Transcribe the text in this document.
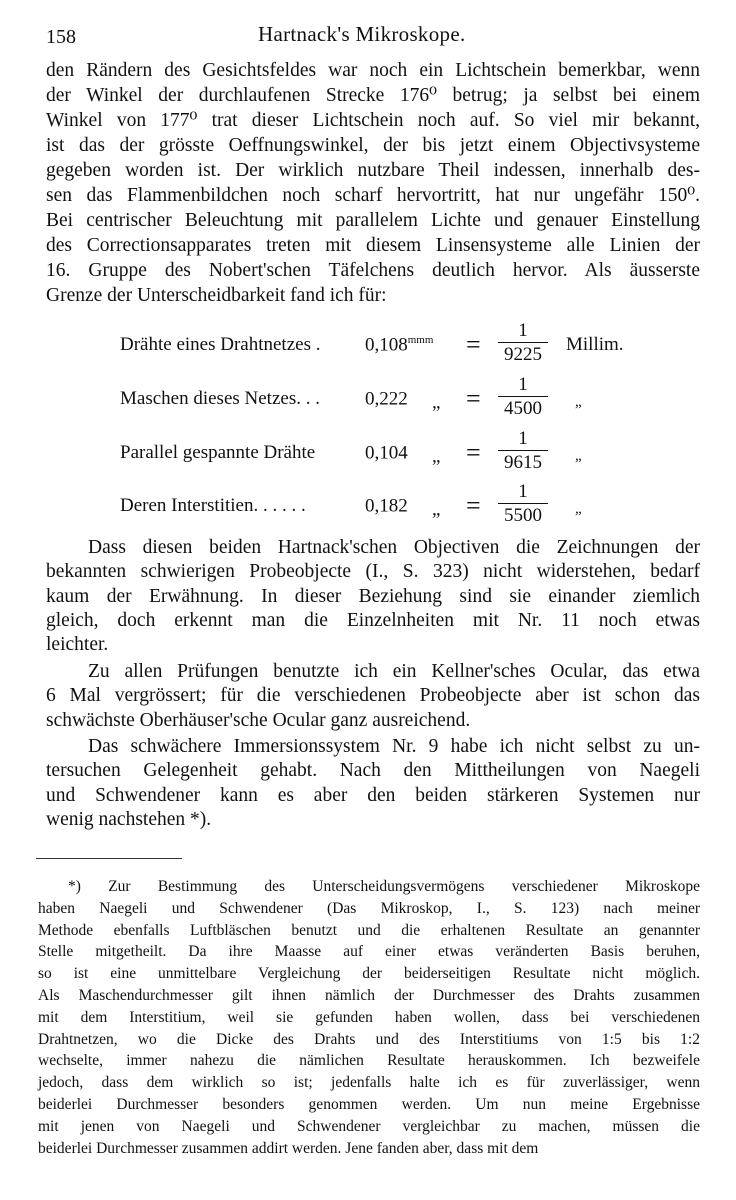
158	Hartnack's Mikroskope.
den Rändern des Gesichtsfeldes war noch ein Lichtschein bemerkbar, wenn
der Winkel der durchlaufenen Strecke 176⁰ betrug; ja selbst bei einem
Winkel von 177⁰ trat dieser Lichtschein noch auf. So viel mir bekannt,
ist das der grösste Oeffnungswinkel, der bis jetzt einem Objectivsysteme
gegeben worden ist. Der wirklich nutzbare Theil indessen, innerhalb des-
sen das Flammenbildchen noch scharf hervortritt, hat nur ungefähr 150⁰.
Bei centrischer Beleuchtung mit parallelem Lichte und genauer Einstellung
des Correctionsapparates treten mit diesem Linsensysteme alle Linien der
16. Gruppe des Nobert'schen Täfelchens deutlich hervor. Als äusserste
Grenze der Unterscheidbarkeit fand ich für:
Drähte eines Drahtnetzes . $0,108^{mmm} = \frac{1}{9225} Millim$.
Maschen dieses Netzes. . . 0,222 „ = $\frac{1}{4500}$ „
Parallel gespannte Drähte	0,104 „ = $\frac{1}{9615}$ „
Deren Interstitien. . . . . .	0,182 „ = $\frac{1}{5500}$ „
Dass diesen beiden Hartnack'schen Objectiven die Zeichnungen der
bekannten schwierigen Probeobjecte (I., S. 323) nicht widerstehen, bedarf
kaum der Erwähnung. In dieser Beziehung sind sie einander ziemlich
gleich, doch erkennt man die Einzelnheiten mit Nr. 11 noch etwas
leichter.
Zu allen Prüfungen benutzte ich ein Kellner'sches Ocular, das etwa
6 Mal vergrössert; für die verschiedenen Probeobjecte aber ist schon das
schwächste Oberhäuser'sche Ocular ganz ausreichend.
Das schwächere Immersionssystem Nr. 9 habe ich nicht selbst zu un-
tersuchen Gelegenheit gehabt. Nach den Mittheilungen von Naegeli
und Schwendener kann es aber den beiden stärkeren Systemen nur
wenig nachstehen *).
*) Zur Bestimmung des Unterscheidungsvermögens verschiedener Mikroskope
haben Naegeli und Schwendener (Das Mikroskop, I., S. 123) nach meiner
Methode ebenfalls Luftbläschen benutzt und die erhaltenen Resultate an genannter
Stelle mitgetheilt. Da ihre Maasse auf einer etwas veränderten Basis beruhen,
so ist eine unmittelbare Vergleichung der beiderseitigen Resultate nicht möglich.
Als Maschendurchmesser gilt ihnen nämlich der Durchmesser des Drahts zusammen
mit dem Interstitium, weil sie gefunden haben wollen, dass bei verschiedenen
Drahtnetzen, wo die Dicke des Drahts und des Interstitiums von 1:5 bis 1:2
wechselte, immer nahezu die nämlichen Resultate herauskommen. Ich bezweifele
jedoch, dass dem wirklich so ist; jedenfalls halte ich es für zuverlässiger, wenn
beiderlei Durchmesser besonders genommen werden. Um nun meine Ergebnisse
mit jenen von Naegeli und Schwendener vergleichbar zu machen, müssen die
beiderlei Durchmesser zusammen addirt werden. Jene fanden aber, dass mit dem
